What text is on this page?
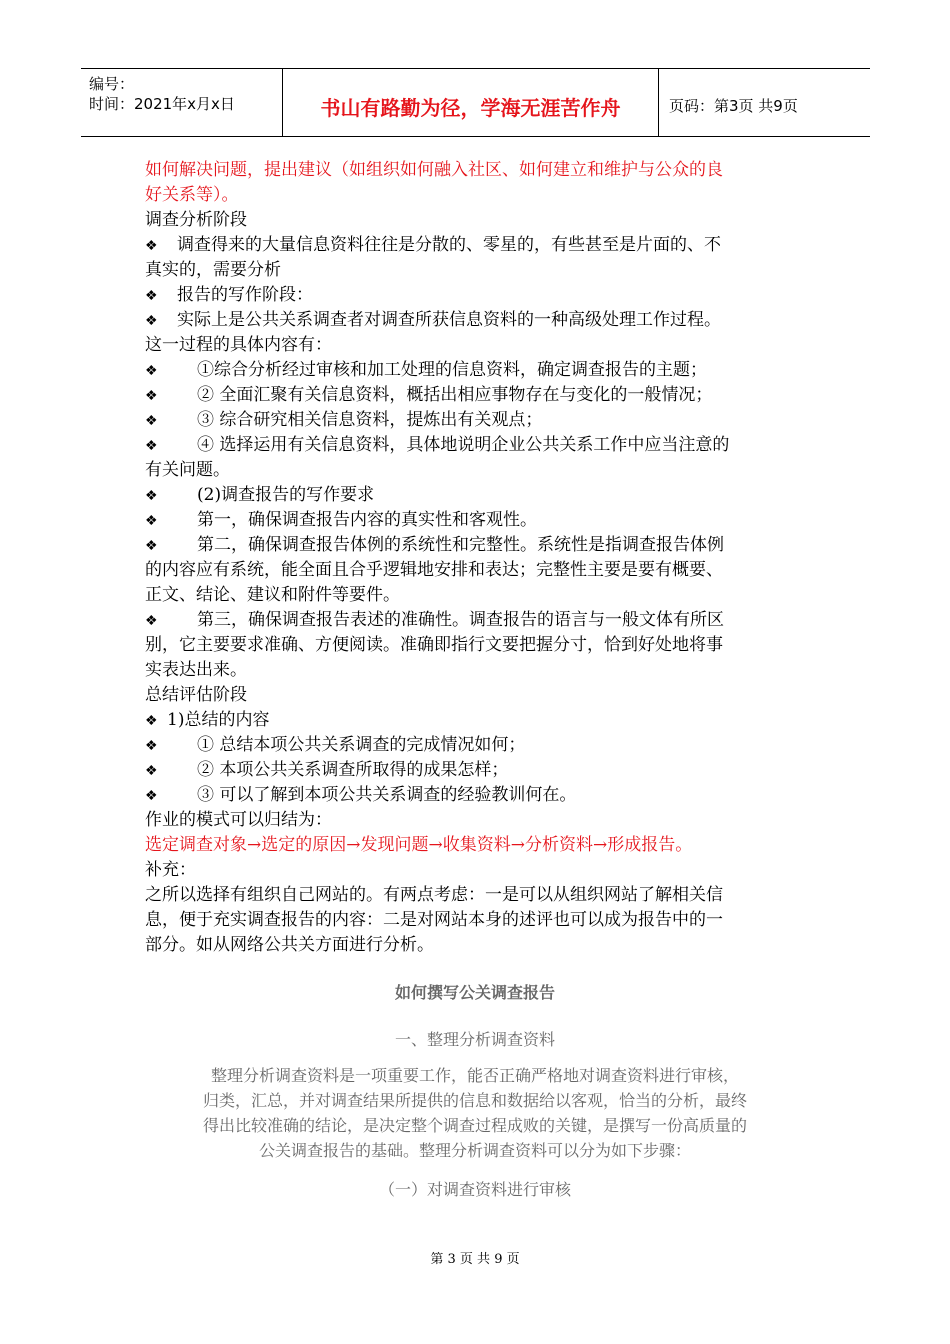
编号：
时间：2021年x月x日	书山有路勤为径，学海无涯苦作舟	页码：第3页 共9页
如何解决问题，提出建议（如组织如何融入社区、如何建立和维护与公众的良
好关系等）。
调查分析阶段
❖ 调查得来的大量信息资料往往是分散的、零星的，有些甚至是片面的、不
真实的，需要分析
❖ 报告的写作阶段：
❖ 实际上是公共关系调查者对调查所获信息资料的一种高级处理工作过程。
这一过程的具体内容有：
❖ ①综合分析经过审核和加工处理的信息资料，确定调查报告的主题；
❖ ② 全面汇聚有关信息资料，概括出相应事物存在与变化的一般情况；
❖ ③ 综合研究相关信息资料，提炼出有关观点；
❖ ④ 选择运用有关信息资料，具体地说明企业公共关系工作中应当注意的
有关问题。
❖ (2)调查报告的写作要求
❖ 第一，确保调查报告内容的真实性和客观性。
❖ 第二，确保调查报告体例的系统性和完整性。系统性是指调查报告体例
的内容应有系统，能全面且合乎逻辑地安排和表达；完整性主要是要有概要、
正文、结论、建议和附件等要件。
❖ 第三，确保调查报告表述的准确性。调查报告的语言与一般文体有所区
别，它主要要求准确、方便阅读。准确即指行文要把握分寸，恰到好处地将事
实表达出来。
总结评估阶段
❖ 1)总结的内容
❖ ① 总结本项公共关系调查的完成情况如何；
❖ ② 本项公共关系调查所取得的成果怎样；
❖ ③ 可以了解到本项公共关系调查的经验教训何在。
作业的模式可以归结为：
选定调查对象→选定的原因→发现问题→收集资料→分析资料→形成报告。
补充：
之所以选择有组织自己网站的。有两点考虑：一是可以从组织网站了解相关信
息，便于充实调查报告的内容：二是对网站本身的述评也可以成为报告中的一
部分。如从网络公共关方面进行分析。
如何撰写公关调查报告
一、整理分析调查资料
整理分析调查资料是一项重要工作，能否正确严格地对调查资料进行审核，
归类，汇总，并对调查结果所提供的信息和数据给以客观，恰当的分析，最终
得出比较准确的结论，是决定整个调查过程成败的关键，是撰写一份高质量的
公关调查报告的基础。整理分析调查资料可以分为如下步骤：
（一）对调查资料进行审核
第 3 页 共 9 页
